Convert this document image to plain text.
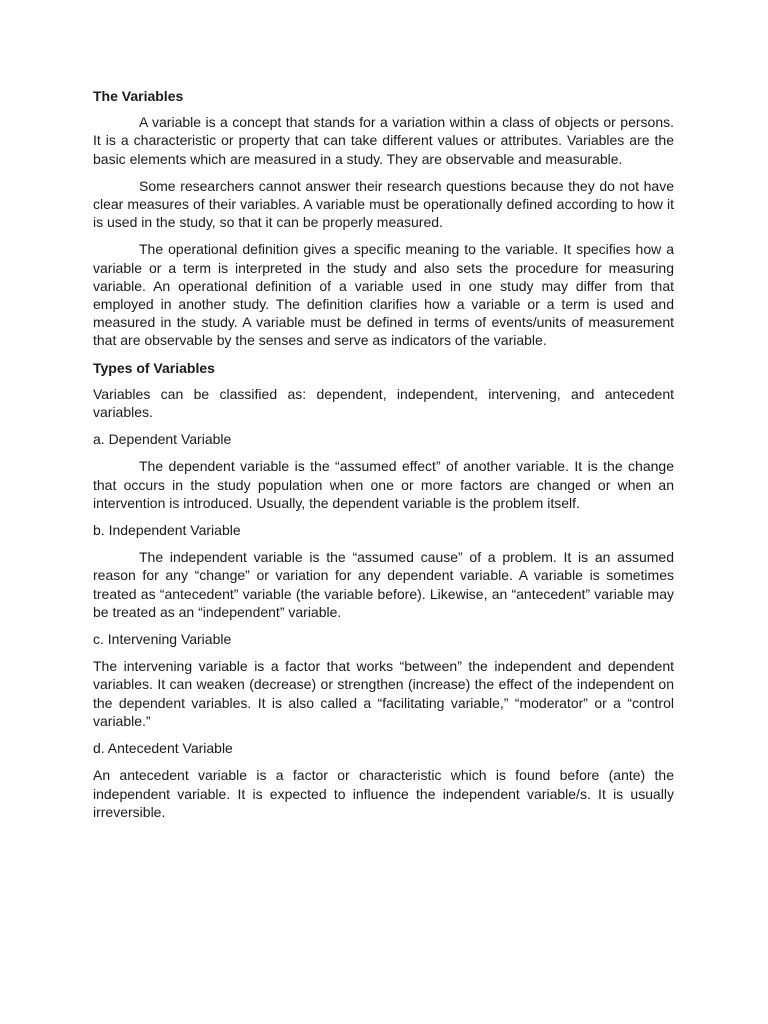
The Variables

A variable is a concept that stands for a variation within a class of objects or persons. It is a characteristic or property that can take different values or attributes. Variables are the basic elements which are measured in a study. They are observable and measurable.

Some researchers cannot answer their research questions because they do not have clear measures of their variables. A variable must be operationally defined according to how it is used in the study, so that it can be properly measured.

The operational definition gives a specific meaning to the variable. It specifies how a variable or a term is interpreted in the study and also sets the procedure for measuring variable. An operational definition of a variable used in one study may differ from that employed in another study. The definition clarifies how a variable or a term is used and measured in the study. A variable must be defined in terms of events/units of measurement that are observable by the senses and serve as indicators of the variable.

Types of Variables

Variables can be classified as: dependent, independent, intervening, and antecedent variables.

a. Dependent Variable

The dependent variable is the “assumed effect” of another variable. It is the change that occurs in the study population when one or more factors are changed or when an intervention is introduced. Usually, the dependent variable is the problem itself.

b. Independent Variable

The independent variable is the “assumed cause” of a problem. It is an assumed reason for any “change” or variation for any dependent variable. A variable is sometimes treated as “antecedent” variable (the variable before). Likewise, an “antecedent” variable may be treated as an “independent” variable.

c. Intervening Variable

The intervening variable is a factor that works “between” the independent and dependent variables. It can weaken (decrease) or strengthen (increase) the effect of the independent on the dependent variables. It is also called a “facilitating variable,” “moderator” or a “control variable.”

d. Antecedent Variable

An antecedent variable is a factor or characteristic which is found before (ante) the independent variable. It is expected to influence the independent variable/s. It is usually irreversible.
